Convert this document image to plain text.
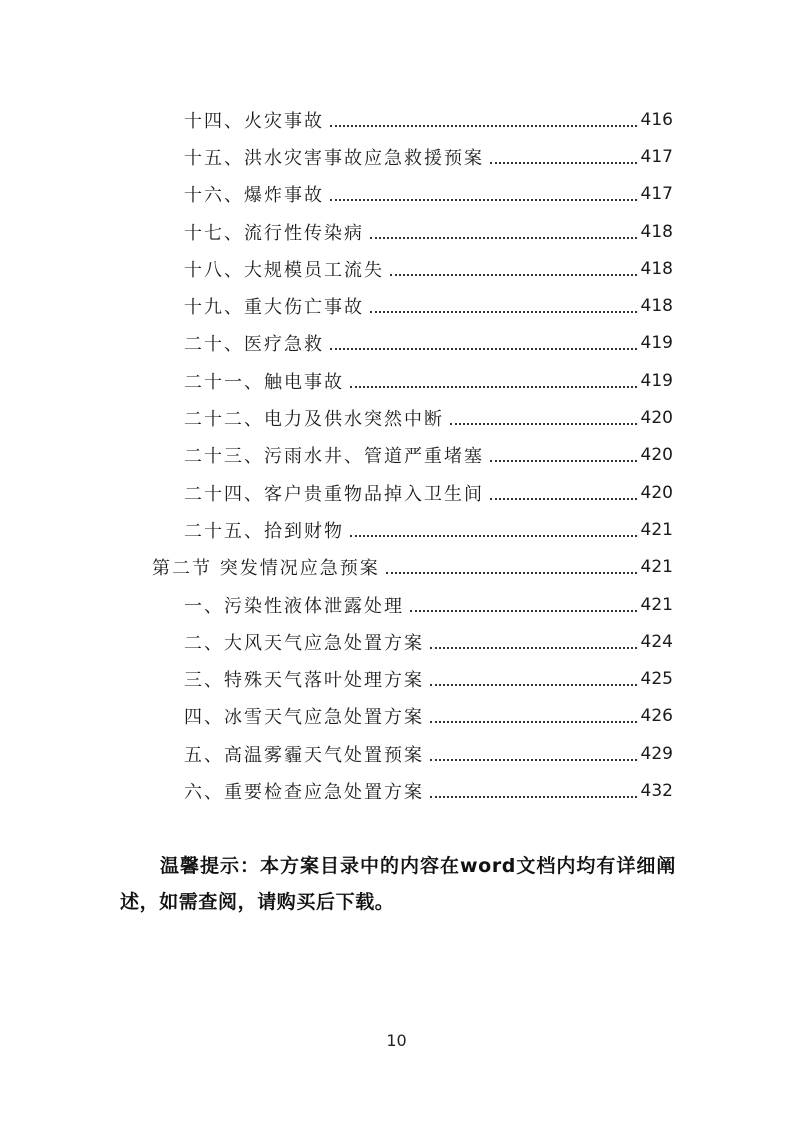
十四、火灾事故	416
十五、洪水灾害事故应急救援预案	417
十六、爆炸事故	417
十七、流行性传染病	418
十八、大规模员工流失	418
十九、重大伤亡事故	418
二十、医疗急救	419
二十一、触电事故	419
二十二、电力及供水突然中断	420
二十三、污雨水井、管道严重堵塞	420
二十四、客户贵重物品掉入卫生间	420
二十五、拾到财物	421
第二节 突发情况应急预案	421
一、污染性液体泄露处理	421
二、大风天气应急处置方案	424
三、特殊天气落叶处理方案	425
四、冰雪天气应急处置方案	426
五、高温雾霾天气处置预案	429
六、重要检查应急处置方案	432
温馨提示：本方案目录中的内容在word文档内均有详细阐述，如需查阅，请购买后下载。
10
